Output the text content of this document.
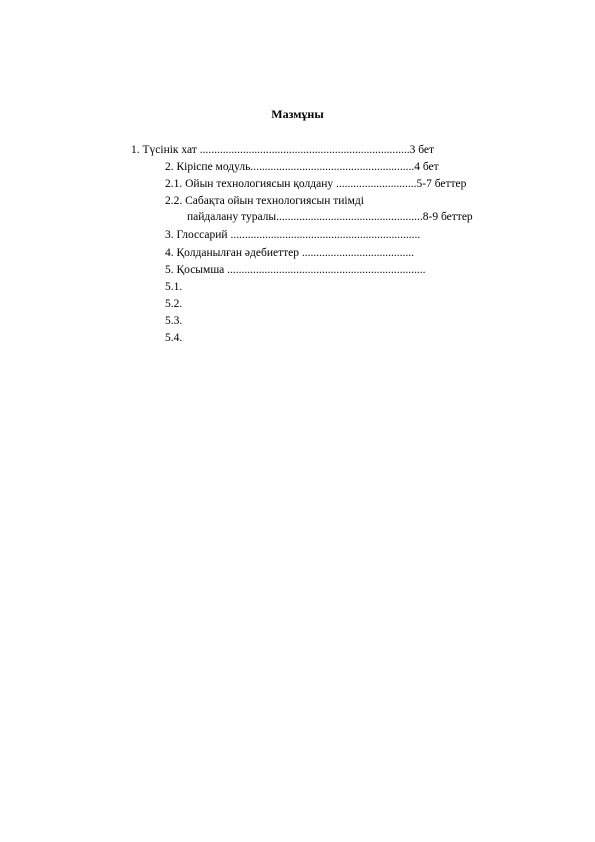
Мазмұны
1. Түсінік хат .........................................................................3 бет
2. Кіріспе модуль.........................................................4 бет
2.1. Ойын технологиясын қолдану ............................5-7 беттер
2.2. Сабақта ойын технологиясын тиімді
пайдалану туралы...................................................8-9 беттер
3. Глоссарий ..................................................................
4. Қолданылған әдебиеттер .......................................
5. Қосымша .....................................................................
5.1.
5.2.
5.3.
5.4.
